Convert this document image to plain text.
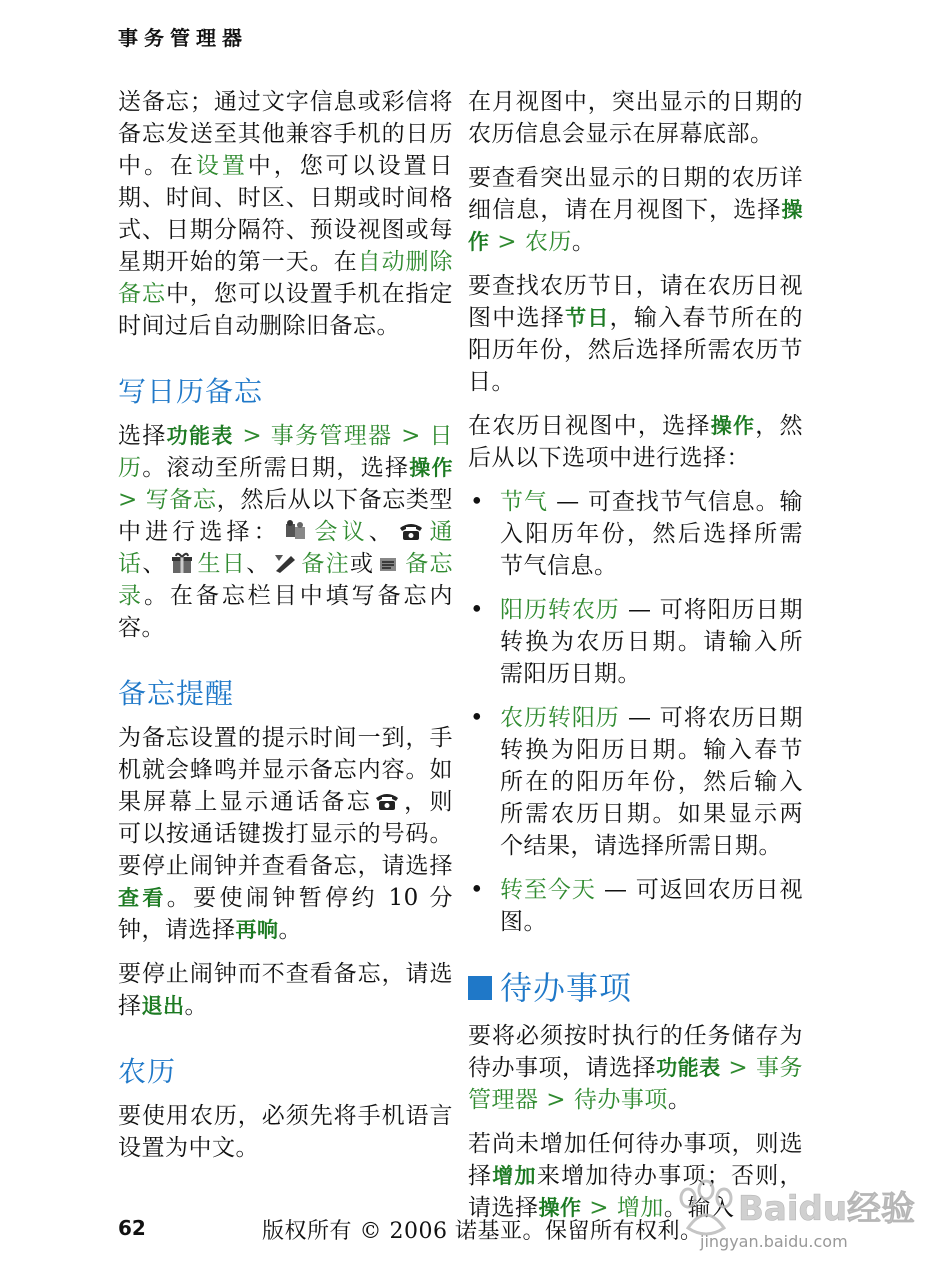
事务管理器

送备忘；通过文字信息或彩信将备忘发送至其他兼容手机的日历中。在设置中，您可以设置日期、时间、时区、日期或时间格式、日期分隔符、预设视图或每星期开始的第一天。在自动删除备忘中，您可以设置手机在指定时间过后自动删除旧备忘。

写日历备忘

选择功能表 > 事务管理器 > 日历。滚动至所需日期，选择操作 > 写备忘，然后从以下备忘类型中进行选择： 会议、 通话、 生日、 备注或 备忘录。在备忘栏目中填写备忘内容。

备忘提醒

为备忘设置的提示时间一到，手机就会蜂鸣并显示备忘内容。如果屏幕上显示通话备忘 ，则可以按通话键拨打显示的号码。要停止闹钟并查看备忘，请选择查看。要使闹钟暂停约 10 分钟，请选择再响。

要停止闹钟而不查看备忘，请选择退出。

农历

要使用农历，必须先将手机语言设置为中文。

在月视图中，突出显示的日期的农历信息会显示在屏幕底部。

要查看突出显示的日期的农历详细信息，请在月视图下，选择操作 > 农历。

要查找农历节日，请在农历日视图中选择节日，输入春节所在的阳历年份，然后选择所需农历节日。

在农历日视图中，选择操作，然后从以下选项中进行选择：

• 节气 — 可查找节气信息。输入阳历年份，然后选择所需节气信息。

• 阳历转农历 — 可将阳历日期转换为农历日期。请输入所需阳历日期。

• 农历转阳历 — 可将农历日期转换为阳历日期。输入春节所在的阳历年份，然后输入所需农历日期。如果显示两个结果，请选择所需日期。

• 转至今天 — 可返回农历日视图。

待办事项

要将必须按时执行的任务储存为待办事项，请选择功能表 > 事务管理器 > 待办事项。

若尚未增加任何待办事项，则选择增加来增加待办事项；否则，请选择操作 > 增加。输入

62	版权所有 © 2006 诺基亚。保留所有权利。
Baidu经验
jingyan.baidu.com
